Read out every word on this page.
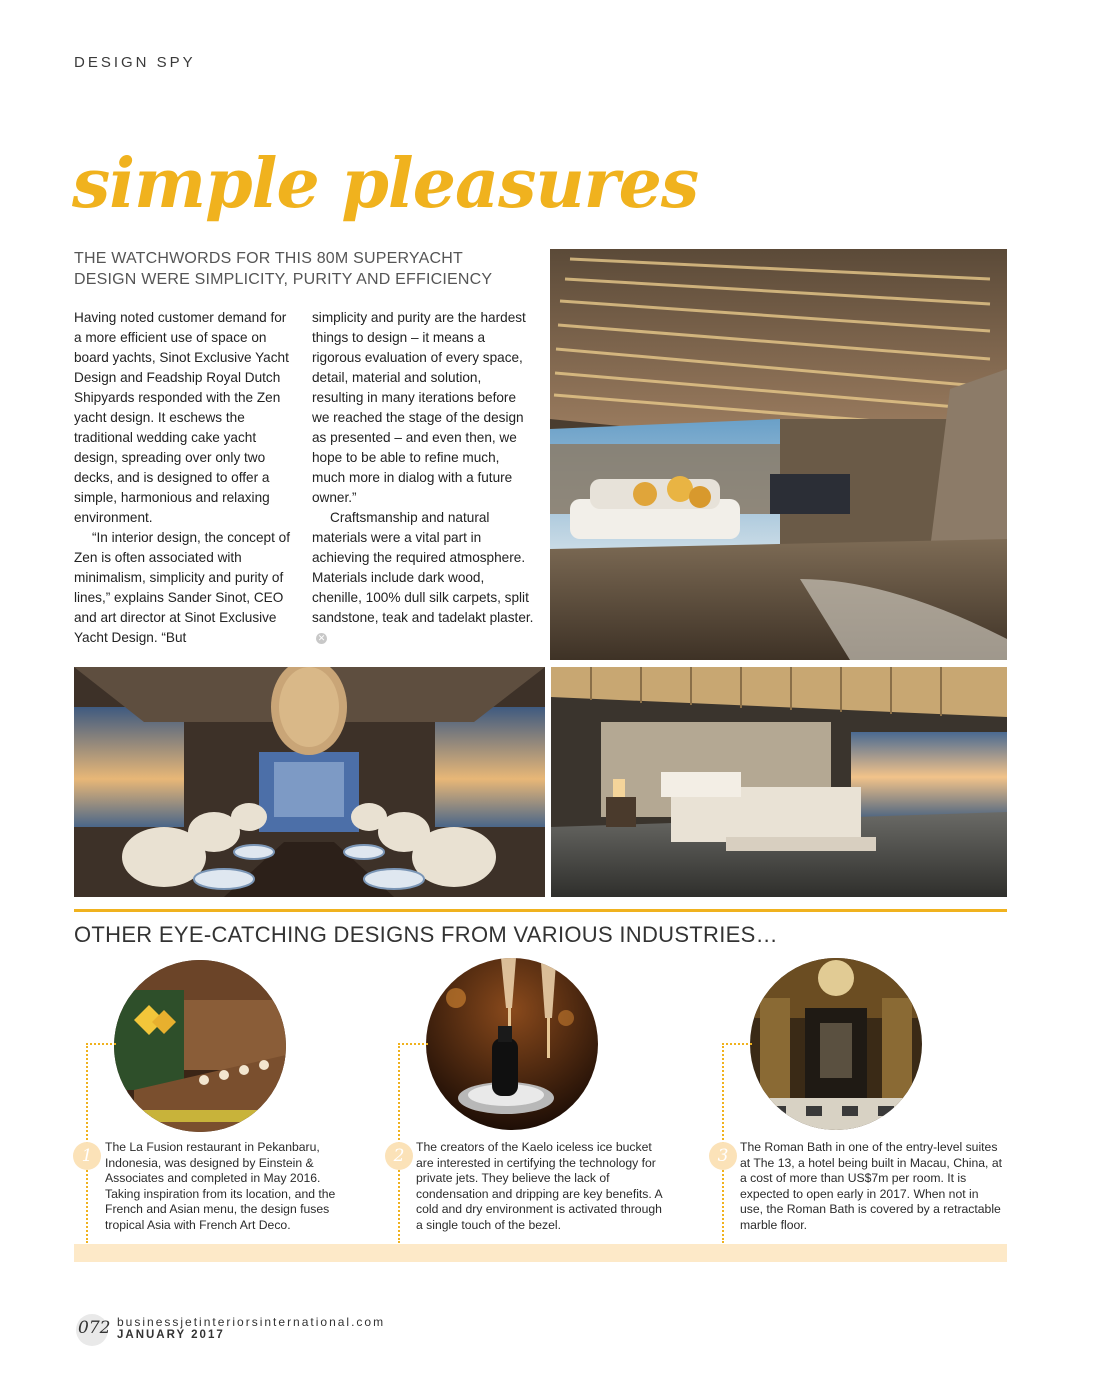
DESIGN SPY
simple pleasures
THE WATCHWORDS FOR THIS 80M SUPERYACHT DESIGN WERE SIMPLICITY, PURITY AND EFFICIENCY

Having noted customer demand for a more efficient use of space on board yachts, Sinot Exclusive Yacht Design and Feadship Royal Dutch Shipyards responded with the Zen yacht design. It eschews the traditional wedding cake yacht design, spreading over only two decks, and is designed to offer a simple, harmonious and relaxing environment.

“In interior design, the concept of Zen is often associated with minimalism, simplicity and purity of lines,” explains Sander Sinot, CEO and art director at Sinot Exclusive Yacht Design. “But

simplicity and purity are the hardest things to design – it means a rigorous evaluation of every space, detail, material and solution, resulting in many iterations before we reached the stage of the design as presented – and even then, we hope to be able to refine much, much more in dialog with a future owner.”

Craftsmanship and natural materials were a vital part in achieving the required atmosphere. Materials include dark wood, chenille, 100% dull silk carpets, split sandstone, teak and tadelakt plaster.✕

OTHER EYE-CATCHING DESIGNS FROM VARIOUS INDUSTRIES…
1	The La Fusion restaurant in Pekanbaru, Indonesia, was designed by Einstein & Associates and completed in May 2016. Taking inspiration from its location, and the French and Asian menu, the design fuses tropical Asia with French Art Deco.
2 The creators of the Kaelo iceless ice bucket are interested in certifying the technology for private jets. They believe the lack of condensation and dripping are key benefits. A cold and dry environment is activated through a single touch of the bezel.
3 The Roman Bath in one of the entry-level suites at The 13, a hotel being built in Macau, China, at a cost of more than US$7m per room. It is expected to open early in 2017. When not in use, the Roman Bath is covered by a retractable marble floor.
072 businessjetinteriorsinternational.com
JANUARY 2017
